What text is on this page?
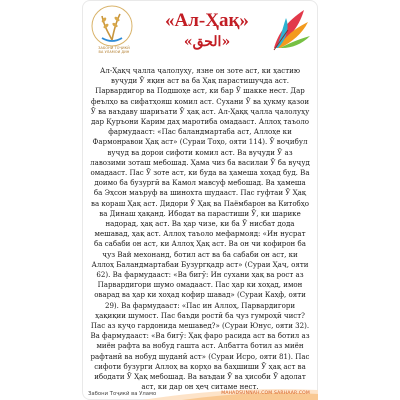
ЗАБОНИ ТОҶИКӢ
ВА УЛАМОИ ДИН
«Ал-Ҳақ»
«الحق»

Ал-Ҳақҷ ҷалла ҷалолуҳу, язне он зоте аст, ки ҳастию вуҷуди Ӯ яқин аст ва ба Ҳақ парастишуҷда аст. Парвардигор ва Подшоҳе аст, ки бар Ӯ шакке нест. Дар феълҳо ва сифатҳояш комил аст. Сухани Ӯ ва ҳукму қазои Ӯ ва ваъдаву шариъати Ӯ ҳақ аст. Ал-Ҳаққ ҷалла ҷалолуҳу дар Қуръони Карим даҳ маротиба омадааст. Аллоҳ таъоло фармудааст: «Пас баландмартаба аст, Аллоҳе ки Фармонравои Ҳақ аст» (Сураи Тоҳо, ояти 114). Ӯ воҷибул вуҷуд ва дорои сифоти комил аст. Ва вуҷуди Ӯ аз лавозими зоташ мебошад. Ҳама чиз ба василаи Ӯ ба вуҷуд омадааст. Пас Ӯ зоте аст, ки буда ва ҳамеша хоҳад буд. Ва доимо ба бузургӣ ва Камол мавсуф мебошад. Ва ҳамеша ба Эҳсон маъруф ва шинохта шудааст. Пас гуфтаи Ӯ Ҳақ ва кораш Ҳақ аст. Дидори Ӯ Ҳақ ва Паёмбарон ва Китобҳо ва Динаш ҳақанд. Ибодат ва парастиши Ӯ, ки шарике надорад, ҳақ аст. Ва ҳар чизе, ки ба Ӯ нисбат дода мешавад, ҳақ аст. Аллоҳ таъоло мефармояд: «Ин нусрат ба сабаби он аст, ки Аллоҳ Ҳақ аст. Ва он чи кофирон ба ҷуз Вай мехонанд, ботил аст ва ба сабаби он аст, ки Аллоҳ Баландмартабаи Бузургқадр аст» (Сураи Ҳаҷ, ояти 62). Ва фармудааст: «Ва бигӯ: Ин сухани ҳақ ва рост аз Парвардигори шумо омадааст. Пас ҳар ки хоҳад, имон оварад ва ҳар ки хоҳад кофир шавад» (Сураи Каҳф, ояти 29). Ва фармудааст: «Пас ин Аллоҳ, Парвардигори ҳақиқии шумост. Пас баъди ростӣ ба ҷуз гумроҳӣ чист? Пас аз куҷо гардонида мешавед?» (Сураи Юнус, ояти 32). Ва фармудааст: «Ва бигӯ: Ҳақ фаро расида аст ва ботил аз миён рафта ва нобуд гашта аст. Албатта ботил аз миён рафтанӣ ва нобуд шуданӣ аст» (Сураи Исро, ояти 81). Пас сифоти бузурги Аллоҳ ва корҳо ва баҳшиши Ӯ ҳақ аст ва ибодати Ӯ Ҳақ мебошад. Ва ваъдаи Ӯ ва ҳисоби Ӯ адолат аст, ки дар он ҳеҷ ситаме нест.

Забони Тоҷикӣ ва Уламо	MAHADSUNNAH.COM SARHAAR.COM
